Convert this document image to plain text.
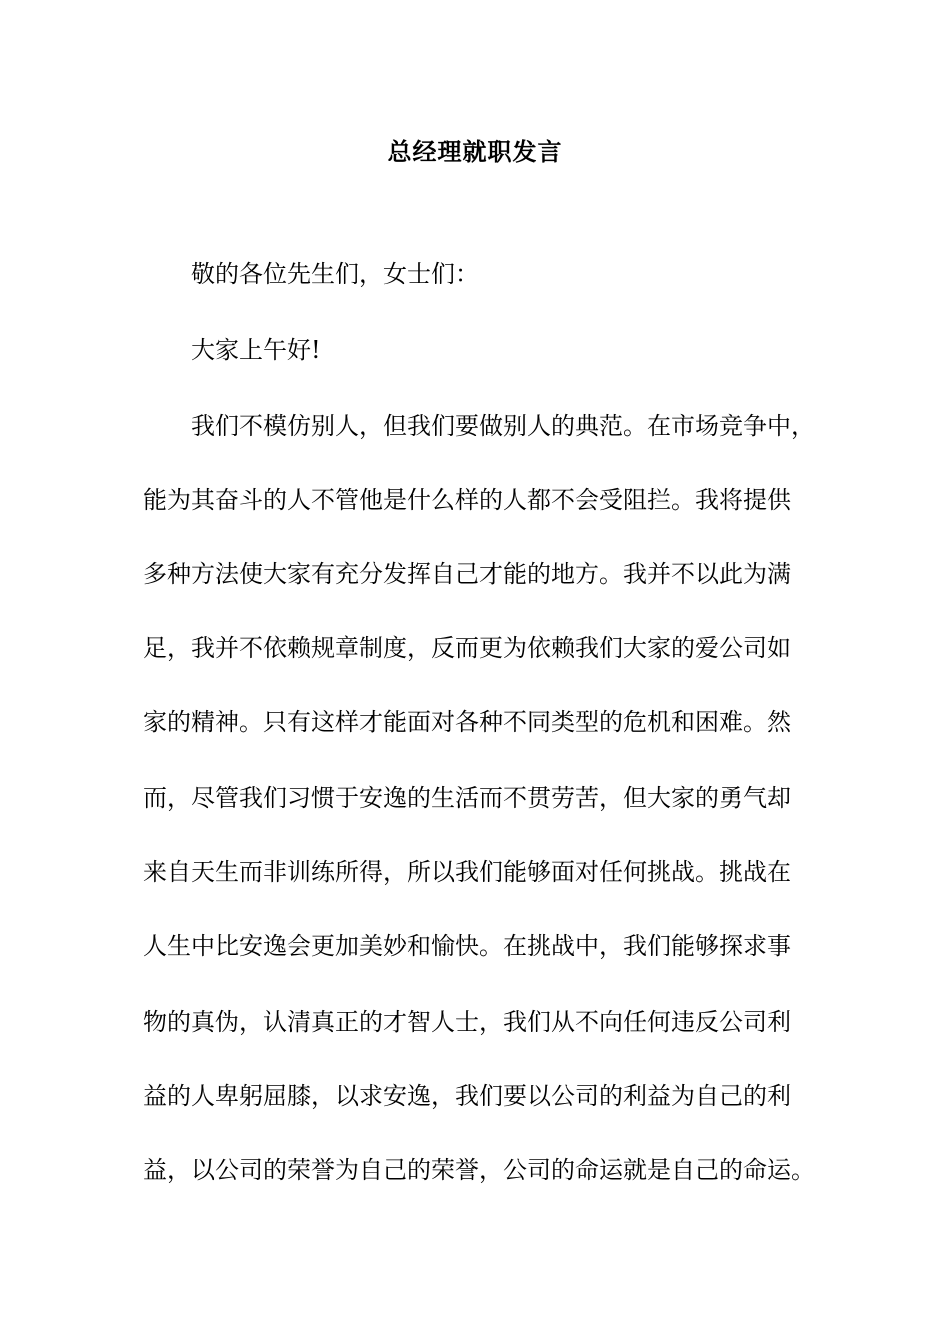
总经理就职发言
敬的各位先生们，女士们：
大家上午好!
我们不模仿别人，但我们要做别人的典范。在市场竞争中，
能为其奋斗的人不管他是什么样的人都不会受阻拦。我将提供
多种方法使大家有充分发挥自己才能的地方。我并不以此为满
足，我并不依赖规章制度，反而更为依赖我们大家的爱公司如
家的精神。只有这样才能面对各种不同类型的危机和困难。然
而，尽管我们习惯于安逸的生活而不贯劳苦，但大家的勇气却
来自天生而非训练所得，所以我们能够面对任何挑战。挑战在
人生中比安逸会更加美妙和愉快。在挑战中，我们能够探求事
物的真伪，认清真正的才智人士，我们从不向任何违反公司利
益的人卑躬屈膝，以求安逸，我们要以公司的利益为自己的利
益，以公司的荣誉为自己的荣誉，公司的命运就是自己的命运。
